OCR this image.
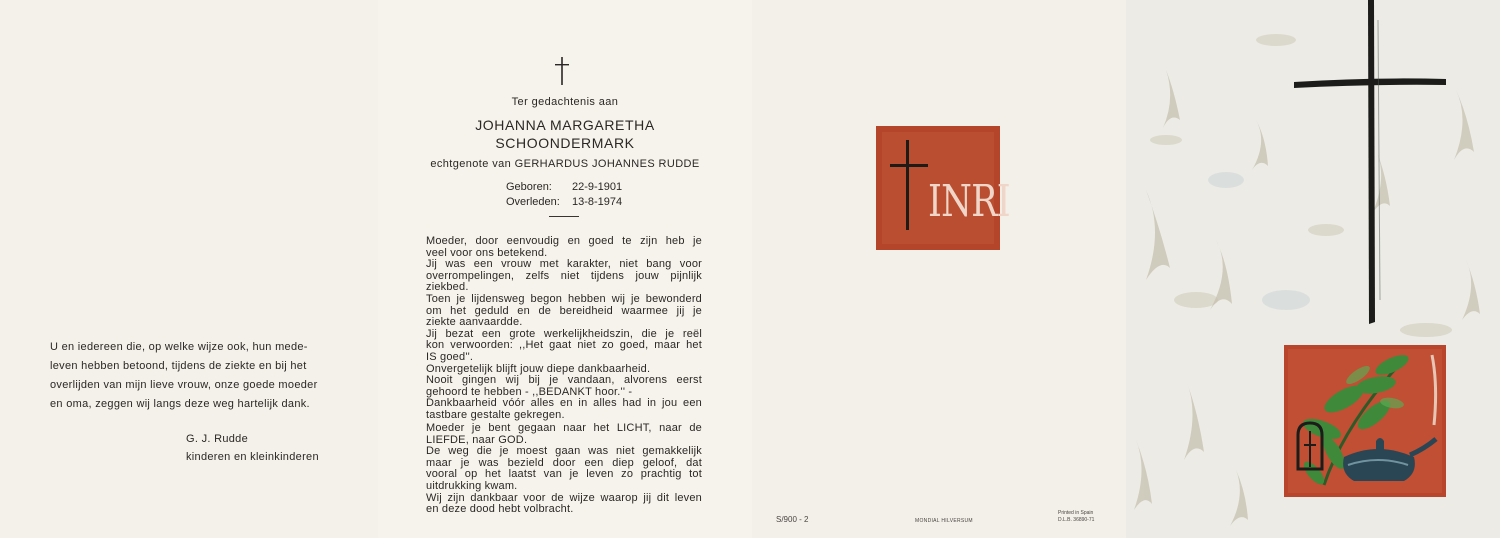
U en iedereen die, op welke wijze ook, hun mede-
leven hebben betoond, tijdens de ziekte en bij het
overlijden van mijn lieve vrouw, onze goede moeder
en oma, zeggen wij langs deze weg hartelijk dank.
G. J. Rudde
kinderen en kleinkinderen
Ter gedachtenis aan
JOHANNA MARGARETHA
SCHOONDERMARK
echtgenote van GERHARDUS JOHANNES RUDDE
Geboren:	22-9-1901
Overleden:	13-8-1974
Moeder, door eenvoudig en goed te zijn heb je
veel voor ons betekend.
Jij was een vrouw met karakter, niet bang voor
overrompelingen, zelfs niet tijdens jouw pijnlijk
ziekbed.
Toen je lijdensweg begon hebben wij je bewonderd
om het geduld en de bereidheid waarmee jij je
ziekte aanvaardde.
Jij bezat een grote werkelijkheidszin, die je reël
kon verwoorden: ,,Het gaat niet zo goed, maar het
IS goed''.
Onvergetelijk blijft jouw diepe dankbaarheid.
Nooit gingen wij bij je vandaan, alvorens eerst
gehoord te hebben - ,,BEDANKT hoor.'' -
Dankbaarheid vóór alles en in alles had in jou een
tastbare gestalte gekregen.
Moeder je bent gegaan naar het LICHT, naar de
LIEFDE, naar GOD.
De weg die je moest gaan was niet gemakkelijk
maar je was bezield door een diep geloof, dat
vooral op het laatst van je leven zo prachtig tot
uitdrukking kwam.
Wij zijn dankbaar voor de wijze waarop jij dit leven
en deze dood hebt volbracht.
INRI
S/900 - 2	MONDIAL HILVERSUM
Printed in Spain
D.L.B. 36890-71
